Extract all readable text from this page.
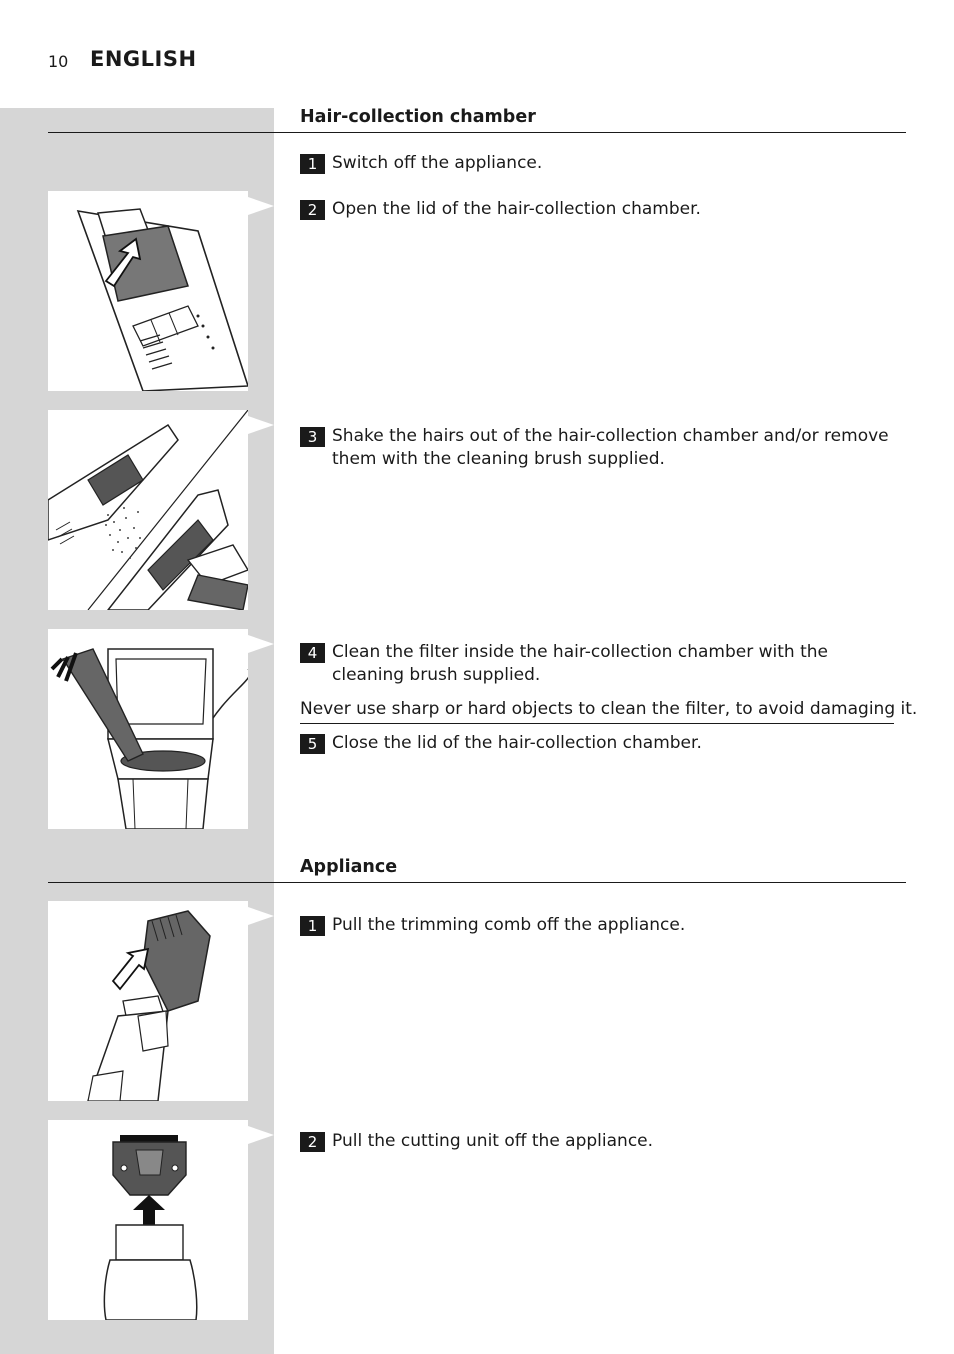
10 ENGLISH
Hair-collection chamber
1 Switch off the appliance.
2 Open the lid of the hair-collection chamber.
3 Shake the hairs out of the hair-collection chamber and/or remove them with the cleaning brush supplied.
4 Clean the filter inside the hair-collection chamber with the cleaning brush supplied.
Never use sharp or hard objects to clean the filter, to avoid damaging it.
5 Close the lid of the hair-collection chamber.
Appliance
1 Pull the trimming comb off the appliance.
2 Pull the cutting unit off the appliance.
